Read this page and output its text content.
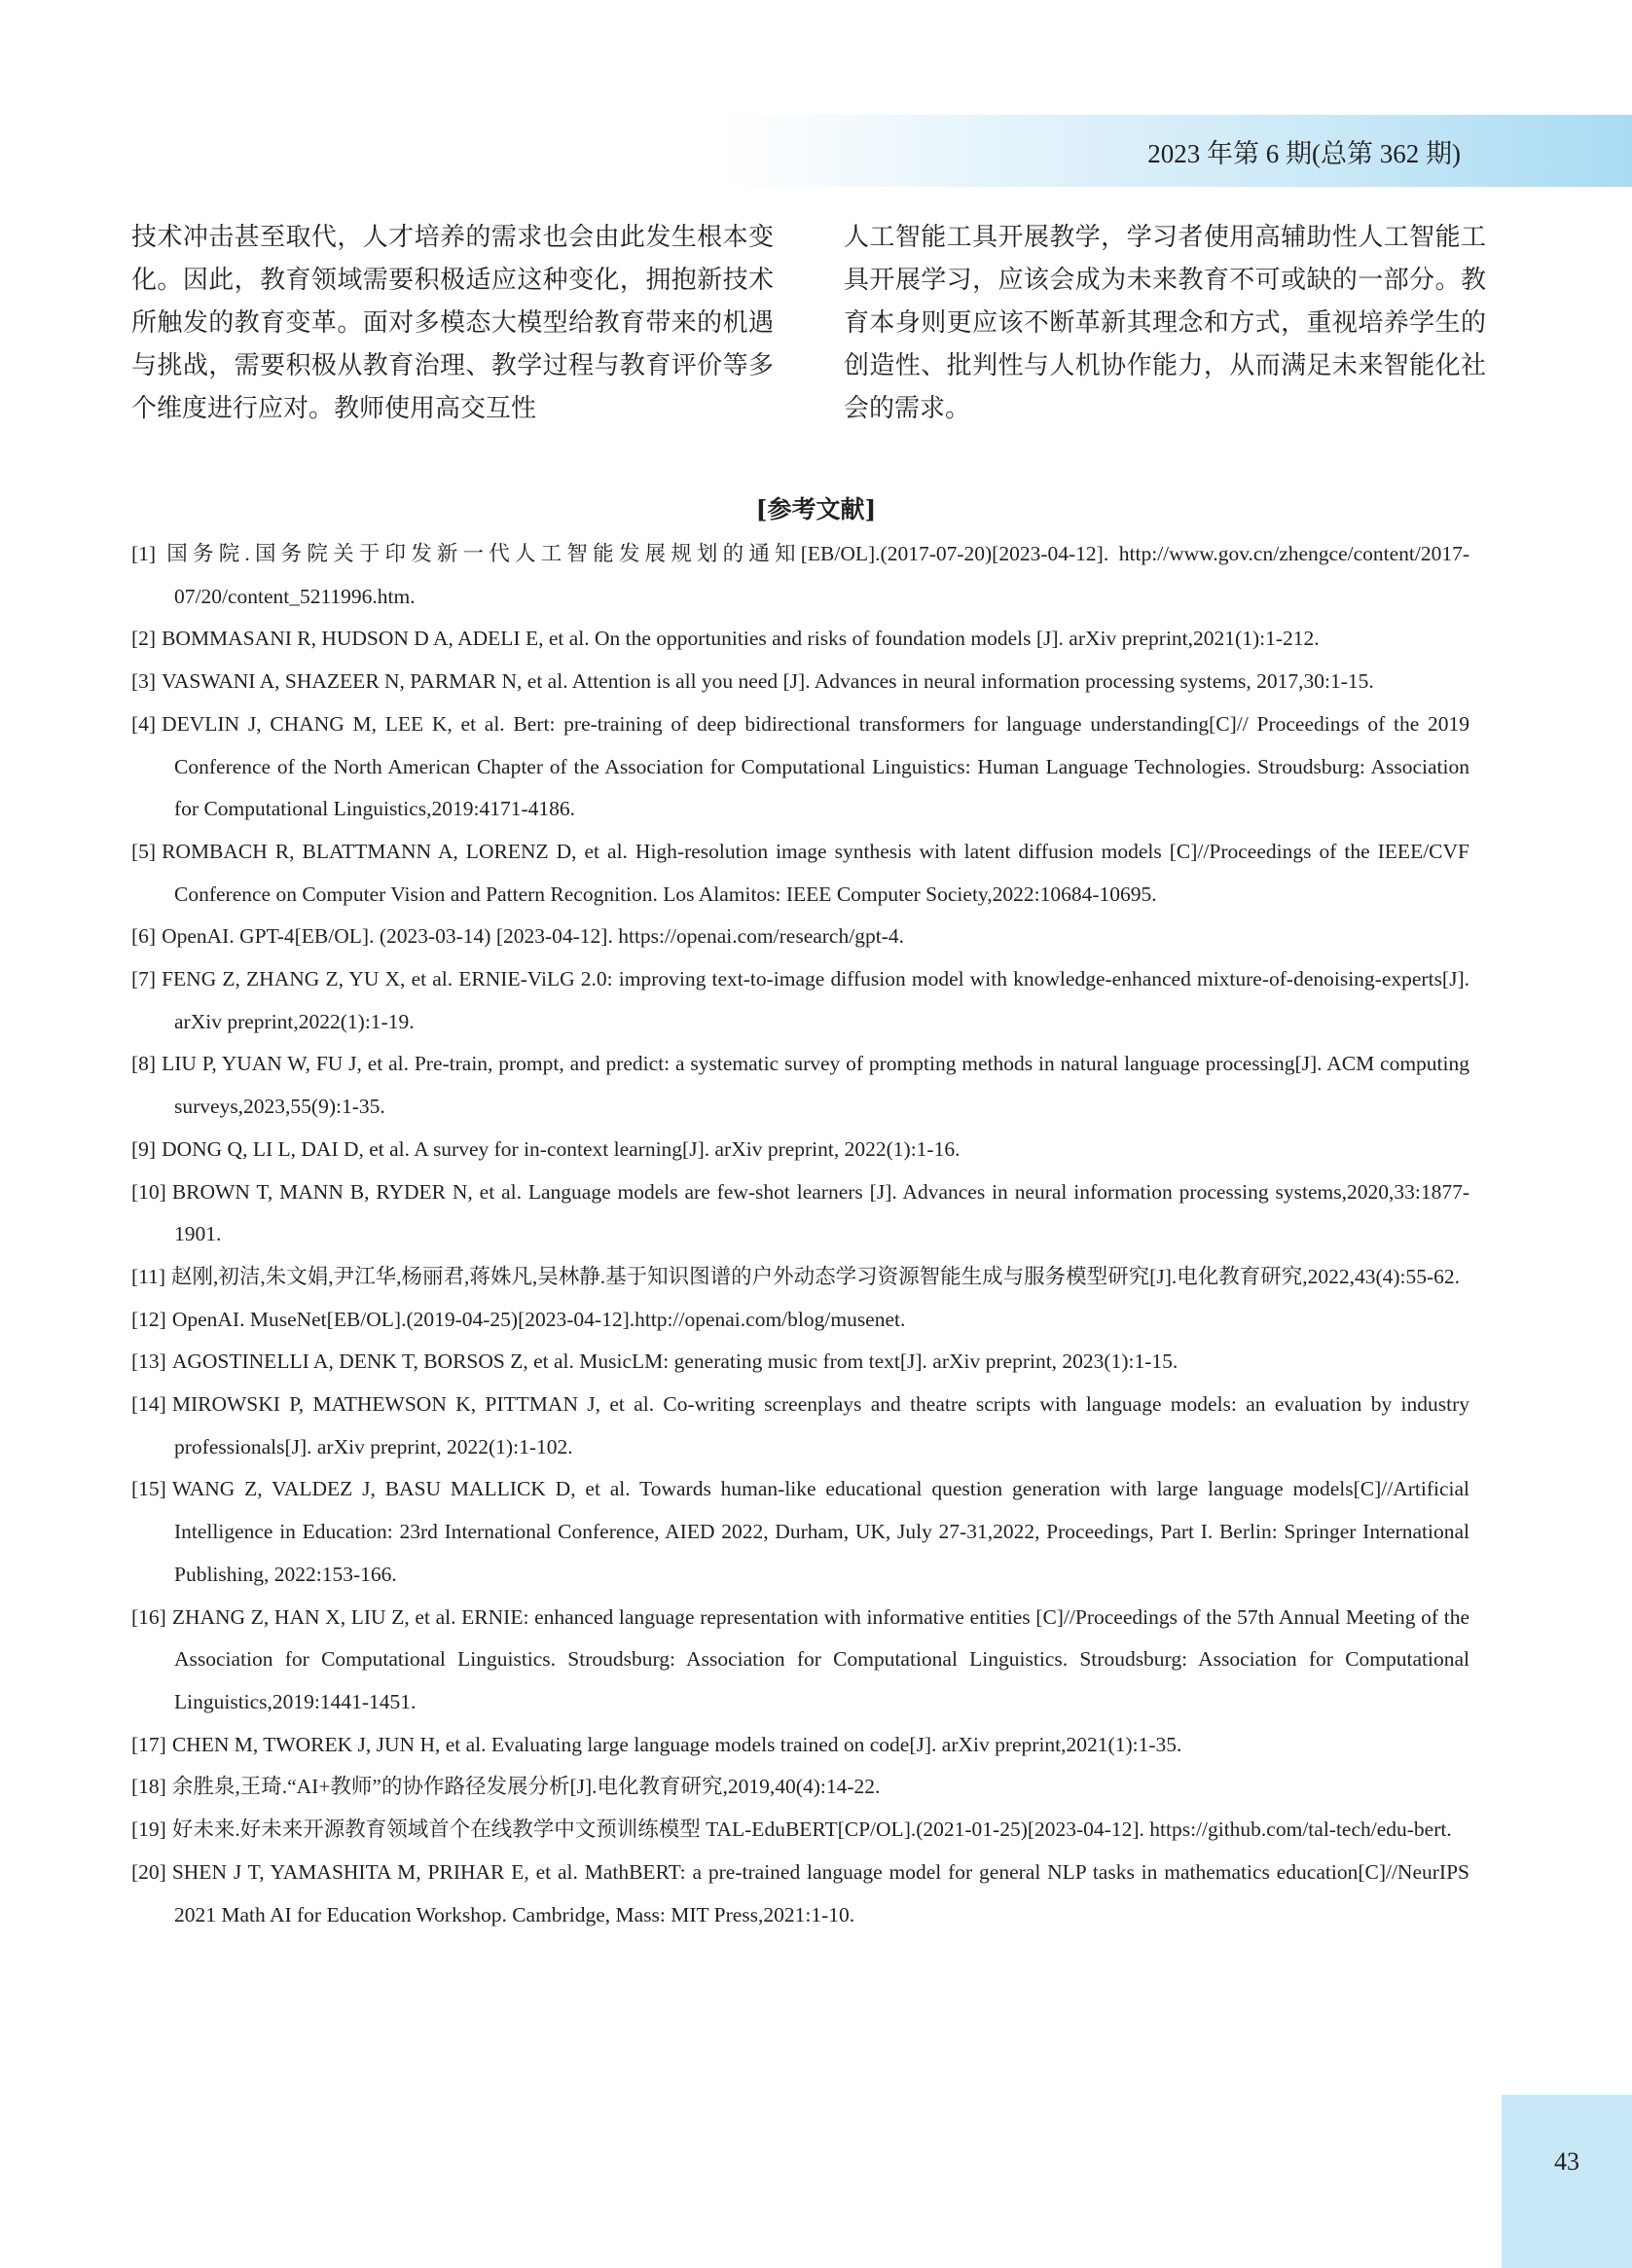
2023 年第 6 期(总第 362 期)

技术冲击甚至取代，人才培养的需求也会由此发生根本变化。因此，教育领域需要积极适应这种变化，拥抱新技术所触发的教育变革。面对多模态大模型给教育带来的机遇与挑战，需要积极从教育治理、教学过程与教育评价等多个维度进行应对。教师使用高交互性

人工智能工具开展教学，学习者使用高辅助性人工智能工具开展学习，应该会成为未来教育不可或缺的一部分。教育本身则更应该不断革新其理念和方式，重视培养学生的创造性、批判性与人机协作能力，从而满足未来智能化社会的需求。

[参考文献]

[1] 国务院.国务院关于印发新一代人工智能发展规划的通知[EB/OL].(2017-07-20)[2023-04-12]. http://www.gov.cn/zhengce/content/2017-07/20/content_5211996.htm.

[2] BOMMASANI R, HUDSON D A, ADELI E, et al. On the opportunities and risks of foundation models [J]. arXiv preprint,2021(1):1-212.

[3] VASWANI A, SHAZEER N, PARMAR N, et al. Attention is all you need [J]. Advances in neural information processing systems, 2017,30:1-15.

[4] DEVLIN J, CHANG M, LEE K, et al. Bert: pre-training of deep bidirectional transformers for language understanding[C]// Proceedings of the 2019 Conference of the North American Chapter of the Association for Computational Linguistics: Human Language Technologies. Stroudsburg: Association for Computational Linguistics,2019:4171-4186.

[5] ROMBACH R, BLATTMANN A, LORENZ D, et al. High-resolution image synthesis with latent diffusion models [C]//Proceedings of the IEEE/CVF Conference on Computer Vision and Pattern Recognition. Los Alamitos: IEEE Computer Society,2022:10684-10695.

[6] OpenAI. GPT-4[EB/OL]. (2023-03-14) [2023-04-12]. https://openai.com/research/gpt-4.

[7] FENG Z, ZHANG Z, YU X, et al. ERNIE-ViLG 2.0: improving text-to-image diffusion model with knowledge-enhanced mixture-of-denoising-experts[J]. arXiv preprint,2022(1):1-19.

[8] LIU P, YUAN W, FU J, et al. Pre-train, prompt, and predict: a systematic survey of prompting methods in natural language processing[J]. ACM computing surveys,2023,55(9):1-35.

[9] DONG Q, LI L, DAI D, et al. A survey for in-context learning[J]. arXiv preprint, 2022(1):1-16.

[10] BROWN T, MANN B, RYDER N, et al. Language models are few-shot learners [J]. Advances in neural information processing systems,2020,33:1877-1901.

[11] 赵刚,初洁,朱文娟,尹江华,杨丽君,蒋姝凡,吴林静.基于知识图谱的户外动态学习资源智能生成与服务模型研究[J].电化教育研究,2022,43(4):55-62.

[12] OpenAI. MuseNet[EB/OL].(2019-04-25)[2023-04-12].http://openai.com/blog/musenet.

[13] AGOSTINELLI A, DENK T, BORSOS Z, et al. MusicLM: generating music from text[J]. arXiv preprint, 2023(1):1-15.

[14] MIROWSKI P, MATHEWSON K, PITTMAN J, et al. Co-writing screenplays and theatre scripts with language models: an evaluation by industry professionals[J]. arXiv preprint, 2022(1):1-102.

[15] WANG Z, VALDEZ J, BASU MALLICK D, et al. Towards human-like educational question generation with large language models[C]//Artificial Intelligence in Education: 23rd International Conference, AIED 2022, Durham, UK, July 27-31,2022, Proceedings, Part I. Berlin: Springer International Publishing, 2022:153-166.

[16] ZHANG Z, HAN X, LIU Z, et al. ERNIE: enhanced language representation with informative entities [C]//Proceedings of the 57th Annual Meeting of the Association for Computational Linguistics. Stroudsburg: Association for Computational Linguistics. Stroudsburg: Association for Computational Linguistics,2019:1441-1451.

[17] CHEN M, TWOREK J, JUN H, et al. Evaluating large language models trained on code[J]. arXiv preprint,2021(1):1-35.

[18] 余胜泉,王琦.“AI+教师”的协作路径发展分析[J].电化教育研究,2019,40(4):14-22.

[19] 好未来.好未来开源教育领域首个在线教学中文预训练模型 TAL-EduBERT[CP/OL].(2021-01-25)[2023-04-12]. https://github.com/tal-tech/edu-bert.

[20] SHEN J T, YAMASHITA M, PRIHAR E, et al. MathBERT: a pre-trained language model for general NLP tasks in mathematics education[C]//NeurIPS 2021 Math AI for Education Workshop. Cambridge, Mass: MIT Press,2021:1-10.

43
